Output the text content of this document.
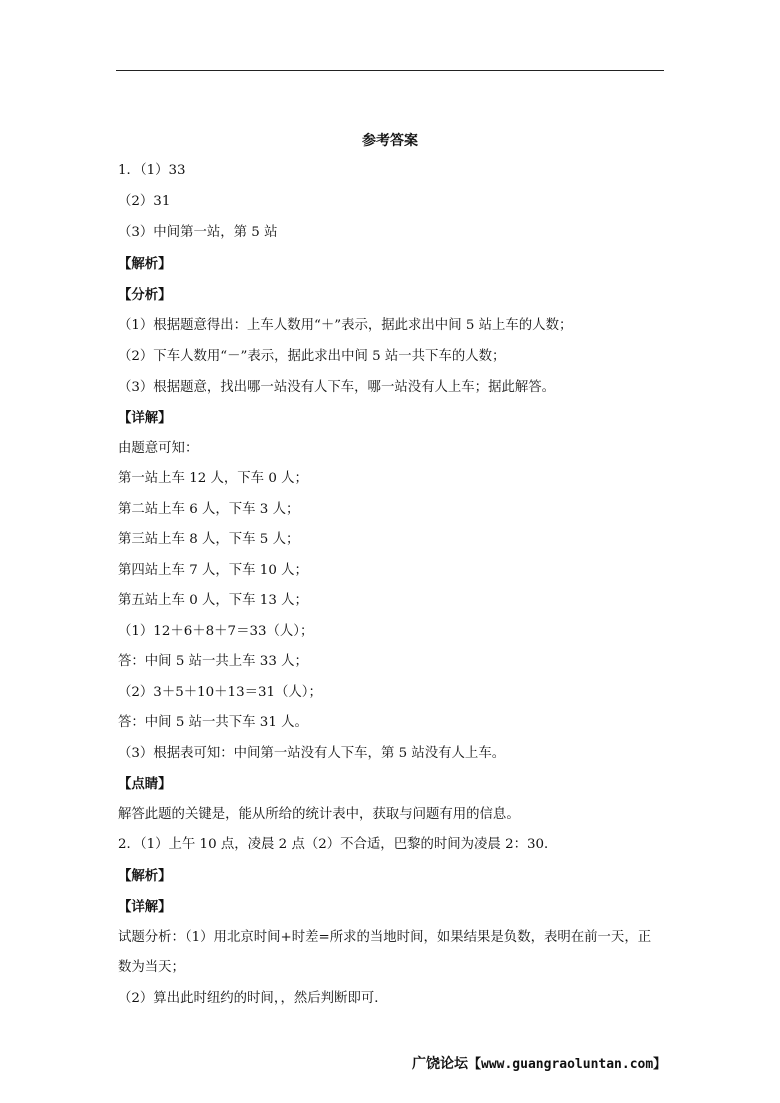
参考答案
1．（1）33
（2）31
（3）中间第一站，第 5 站
【解析】
【分析】
（1）根据题意得出：上车人数用“＋”表示，据此求出中间 5 站上车的人数；
（2）下车人数用“－”表示，据此求出中间 5 站一共下车的人数；
（3）根据题意，找出哪一站没有人下车，哪一站没有人上车；据此解答。
【详解】
由题意可知：
第一站上车 12 人，下车 0 人；
第二站上车 6 人，下车 3 人；
第三站上车 8 人，下车 5 人；
第四站上车 7 人，下车 10 人；
第五站上车 0 人，下车 13 人；
（1）12＋6＋8＋7＝33（人）；
答：中间 5 站一共上车 33 人；
（2）3＋5＋10＋13＝31（人）；
答：中间 5 站一共下车 31 人。
（3）根据表可知：中间第一站没有人下车，第 5 站没有人上车。
【点睛】
解答此题的关键是，能从所给的统计表中，获取与问题有用的信息。
2．（1）上午 10 点，凌晨 2 点（2）不合适，巴黎的时间为凌晨 2：30．
【解析】
【详解】
试题分析：（1）用北京时间+时差=所求的当地时间，如果结果是负数，表明在前一天，正
数为当天；
（2）算出此时纽约的时间，，然后判断即可．
广饶论坛【www.guangraoluntan.com】
